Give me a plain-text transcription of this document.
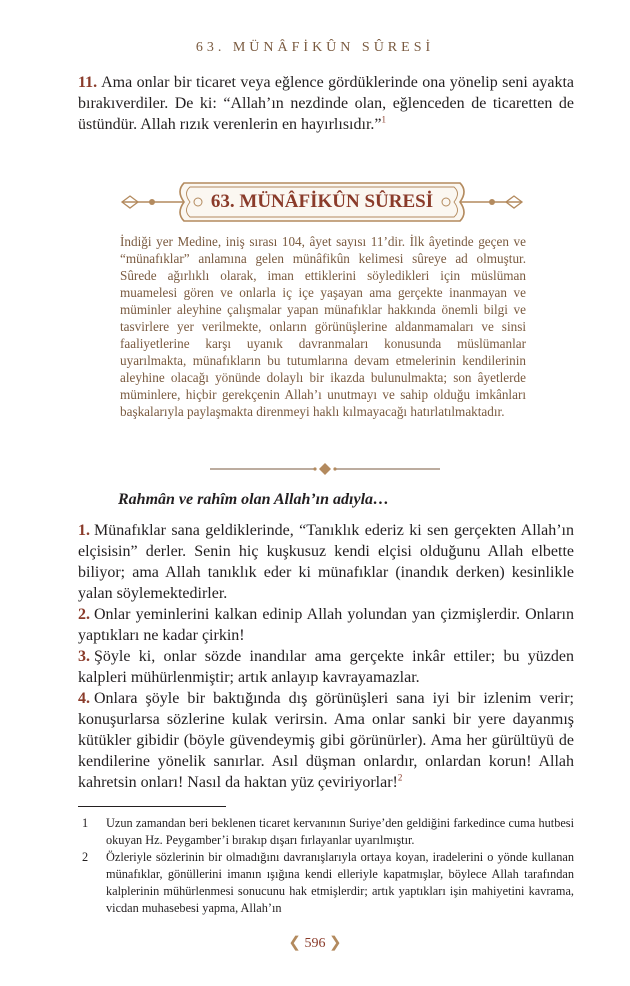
63. MÜNÂFİKÛN SÛRESİ
11. Ama onlar bir ticaret veya eğlence gördüklerinde ona yönelip seni ayakta bırakıverdiler. De ki: “Allah’ın nezdinde olan, eğlenceden de ticaretten de üstündür. Allah rızık verenlerin en hayırlısıdır.”$^1$
63. MÜNÂFİKÛN SÛRESİ
İndiği yer Medine, iniş sırası 104, âyet sayısı 11’dir. İlk âyetinde geçen ve “münafıklar” anlamına gelen münâfikûn kelimesi sûreye ad olmuştur. Sûrede ağırlıklı olarak, iman ettiklerini söyledikleri için müslüman muamelesi gören ve onlarla iç içe yaşayan ama gerçekte inanmayan ve müminler aleyhine çalışmalar yapan münafıklar hakkında önemli bilgi ve tasvirlere yer verilmekte, onların görünüşlerine aldanmamaları ve sinsi faaliyetlerine karşı uyanık davranmaları konusunda müslümanlar uyarılmakta, münafıkların bu tutumlarına devam etmelerinin kendilerinin aleyhine olacağı yönünde dolaylı bir ikazda bulunulmakta; son âyetlerde müminlere, hiçbir gerekçenin Allah’ı unutmayı ve sahip olduğu imkânları başkalarıyla paylaşmakta direnmeyi haklı kılmayacağı hatırlatılmaktadır.
Rahmân ve rahîm olan Allah’ın adıyla…
1. Münafıklar sana geldiklerinde, “Tanıklık ederiz ki sen gerçekten Allah’ın elçisisin” derler. Senin hiç kuşkusuz kendi elçisi olduğunu Allah elbette biliyor; ama Allah tanıklık eder ki münafıklar (inandık derken) kesinlikle yalan söylemektedirler.
2. Onlar yeminlerini kalkan edinip Allah yolundan yan çizmişlerdir. Onların yaptıkları ne kadar çirkin!
3. Şöyle ki, onlar sözde inandılar ama gerçekte inkâr ettiler; bu yüzden kalpleri mühürlenmiştir; artık anlayıp kavrayamazlar.
4. Onlara şöyle bir baktığında dış görünüşleri sana iyi bir izlenim verir; konuşurlarsa sözlerine kulak verirsin. Ama onlar sanki bir yere dayanmış kütükler gibidir (böyle güvendeymiş gibi görünürler). Ama her gürültüyü de kendilerine yönelik sanırlar. Asıl düşman onlardır, onlardan korun! Allah kahretsin onları! Nasıl da haktan yüz çeviriyorlar!$^2$
1 Uzun zamandan beri beklenen ticaret kervanının Suriye’den geldiğini farkedince cuma hutbesi okuyan Hz. Peygamber’i bırakıp dışarı fırlayanlar uyarılmıştır.
2 Özleriyle sözlerinin bir olmadığını davranışlarıyla ortaya koyan, iradelerini o yönde kullanan münafıklar, gönüllerini imanın ışığına kendi elleriyle kapatmışlar, böylece Allah tarafından kalplerinin mühürlenmesi sonucunu hak etmişlerdir; artık yaptıkları işin mahiyetini kavrama, vicdan muhasebesi yapma, Allah’ın
❮ 596 ❯
